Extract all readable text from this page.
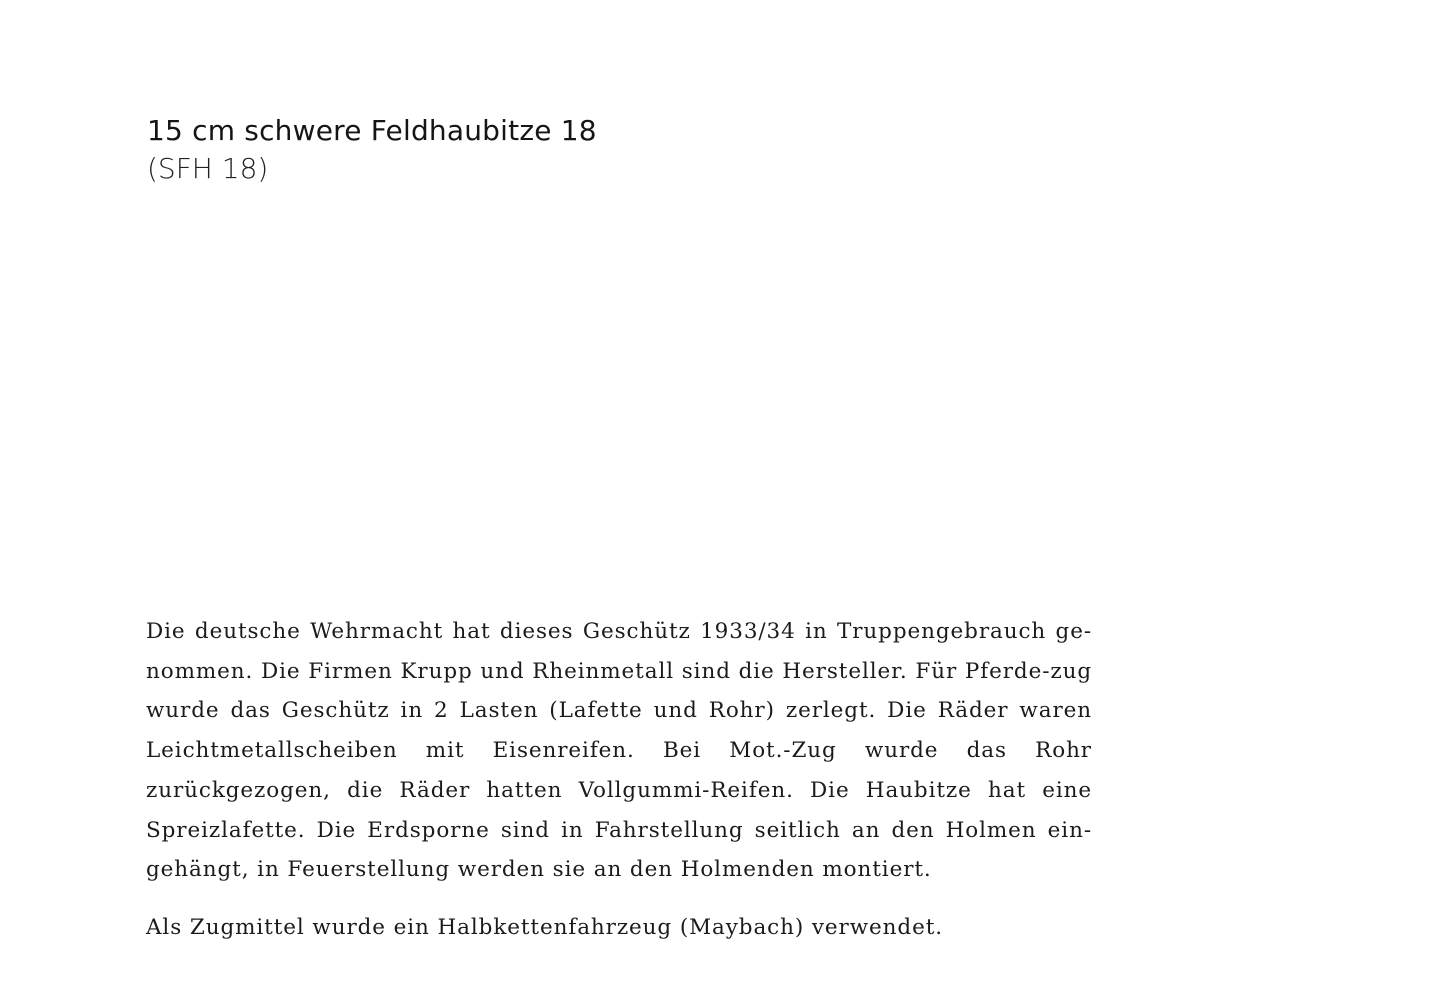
15 cm schwere Feldhaubitze 18
(SFH 18)

Die deutsche Wehrmacht hat dieses Geschütz 1933/34 in Truppengebrauch ge-nommen. Die Firmen Krupp und Rheinmetall sind die Hersteller. Für Pferde-zug wurde das Geschütz in 2 Lasten (Lafette und Rohr) zerlegt. Die Räder waren Leichtmetallscheiben mit Eisenreifen. Bei Mot.-Zug wurde das Rohr zurückgezogen, die Räder hatten Vollgummi-Reifen. Die Haubitze hat eine Spreizlafette. Die Erdsporne sind in Fahrstellung seitlich an den Holmen ein-gehängt, in Feuerstellung werden sie an den Holmenden montiert.

Als Zugmittel wurde ein Halbkettenfahrzeug (Maybach) verwendet.
